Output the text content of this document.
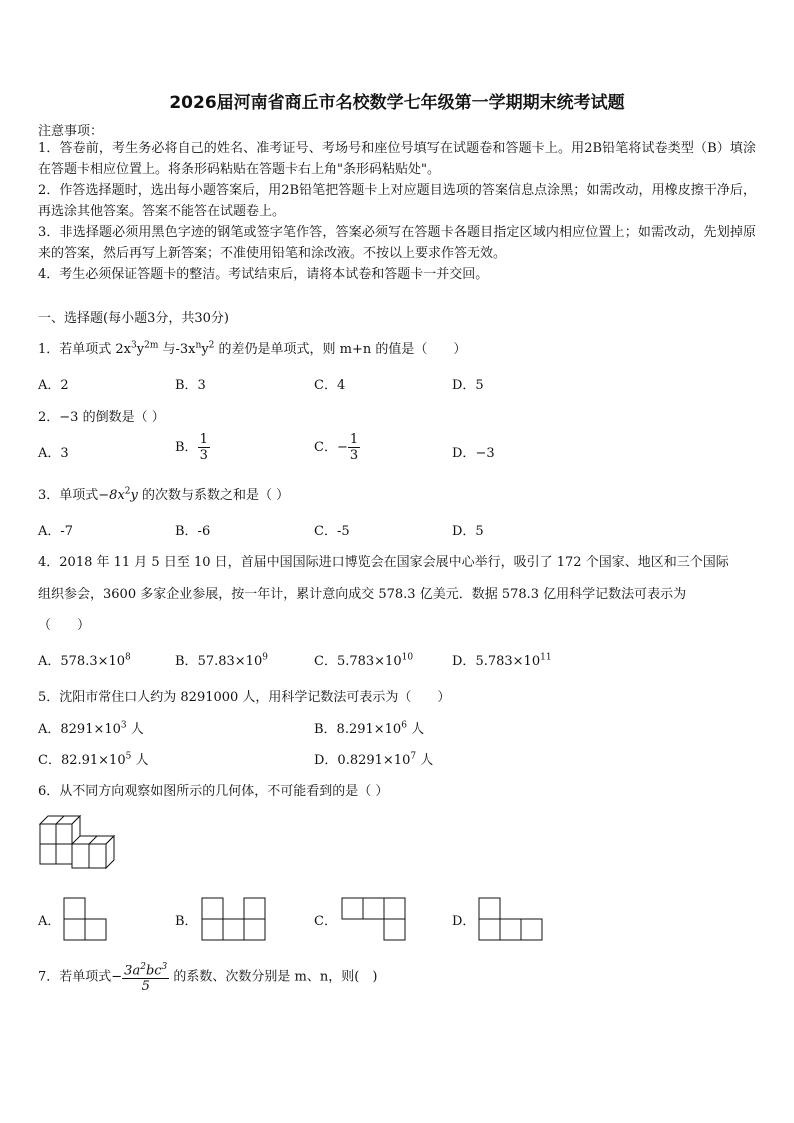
2026届河南省商丘市名校数学七年级第一学期期末统考试题
注意事项：
1．答卷前，考生务必将自己的姓名、准考证号、考场号和座位号填写在试题卷和答题卡上。用2B铅笔将试卷类型（B）填涂在答题卡相应位置上。将条形码粘贴在答题卡右上角"条形码粘贴处"。
2．作答选择题时，选出每小题答案后，用2B铅笔把答题卡上对应题目选项的答案信息点涂黑；如需改动，用橡皮擦干净后，再选涂其他答案。答案不能答在试题卷上。
3．非选择题必须用黑色字迹的钢笔或签字笔作答，答案必须写在答题卡各题目指定区域内相应位置上；如需改动，先划掉原来的答案，然后再写上新答案；不准使用铅笔和涂改液。不按以上要求作答无效。
4．考生必须保证答题卡的整洁。考试结束后，请将本试卷和答题卡一并交回。
一、选择题(每小题3分，共30分)
1．若单项式 $2x^3y^{2m}$ 与$-3x^ny^2$ 的差仍是单项式，则 m+n 的值是（　　）
A．2	B．3	C．4	D．5
2．−3 的倒数是（ ）
A．3	B． $\frac{1}{3}$	C．− $\frac{1}{3}$	D．−3
3．单项式$-8x^2y$ 的次数与系数之和是（ ）
A．-7	B．-6	C．-5	D．5
4．2018 年 11 月 5 日至 10 日，首届中国国际进口博览会在国家会展中心举行，吸引了 172 个国家、地区和三个国际
组织参会，3600 多家企业参展，按一年计，累计意向成交 578.3 亿美元．数据 578.3 亿用科学记数法可表示为
（　　）
A．$578.3\times 10^8$	B．$57.83\times 10^9$	C．$5.783\times 10^{10}$	D．$5.783\times 10^{11}$
5．沈阳市常住口人约为 8291000 人，用科学记数法可表示为（　　）
A．$8291\times 10^3$ 人	B．$8.291\times 10^6$ 人
C．$82.91\times 10^5$ 人	D．$0.8291\times 10^7$ 人
6．从不同方向观察如图所示的几何体，不可能看到的是（ ）
A．	B．	C．	D．
7．若单项式− $\frac{3a^2bc^3}{5}$ 的系数、次数分别是 m、n，则(　)
